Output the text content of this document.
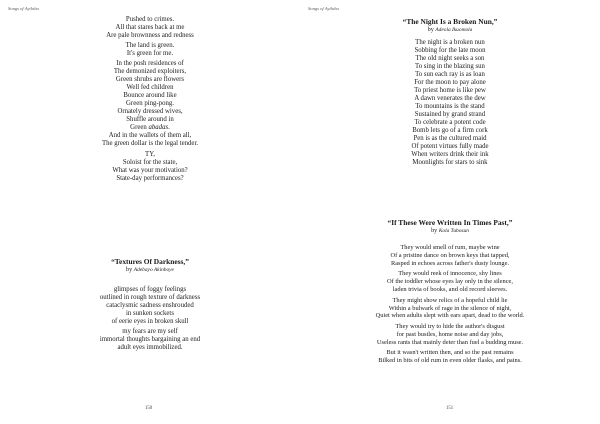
Songs of Ayiloha
Pushed to crimes.
All that stares back at me
Are pale brownness and redness
The land is green.
It's green for me.
In the posh residences of
The demonized exploiters,
Green shrubs are flowers
Well fed children
Bounce around like
Green ping-pong.
Ornately dressed wives,
Shuffle around in
Green abadas.
And in the wallets of them all,
The green dollar is the legal tender.
TY,
Soloist for the state,
What was your motivation?
State-day performances?
“Textures Of Darkness,”
by Adebayo Akinboye
glimpses of foggy feelings
outlined in rough texture of darkness
cataclysmic sadness enshrouded
in sunken sockets
of eerie eyes in broken skull
my fears are my self
immortal thoughts bargaining an end
adult eyes immobilized.
150
Songs of Ayiloha
“The Night Is a Broken Nun,”
by Adeola Ikuomola
The night is a broken nun
Sobbing for the late moon
The old night seeks a son
To sing in the blazing sun
To sun each ray is as loan
For the moon to pay alone
To priest home is like pew
A dawn venerates the dew
To mountains is the stand
Sustained by grand strand
To celebrate a potent code
Bomb lets go of a firm cork
Pen is as the cultured maid
Of potent virtues fully made
When writers drink their ink
Moonlights for stars to sink
“If These Were Written In Times Past,”
by Kola Tubosun
They would smell of rum, maybe wine
Of a pristine dance on brown keys that tapped,
Rasped in echoes across father's dusty lounge.
They would reek of innocence, shy lines
Of the toddler whose eyes lay only in the silence,
laden trivia of books, and old record sleeves.
They might show relics of a hopeful child lie
Within a bulwark of rage in the silence of night,
Quiet when adults slept with ears apart, dead to the world.
They would try to hide the author's disgust
for past bustles, home noise and day jobs,
Useless rants that mainly deter than fuel a budding muse.
But it wasn't written then, and so the past remains
Bilked in bits of old rum in even older flasks, and pains.
151
